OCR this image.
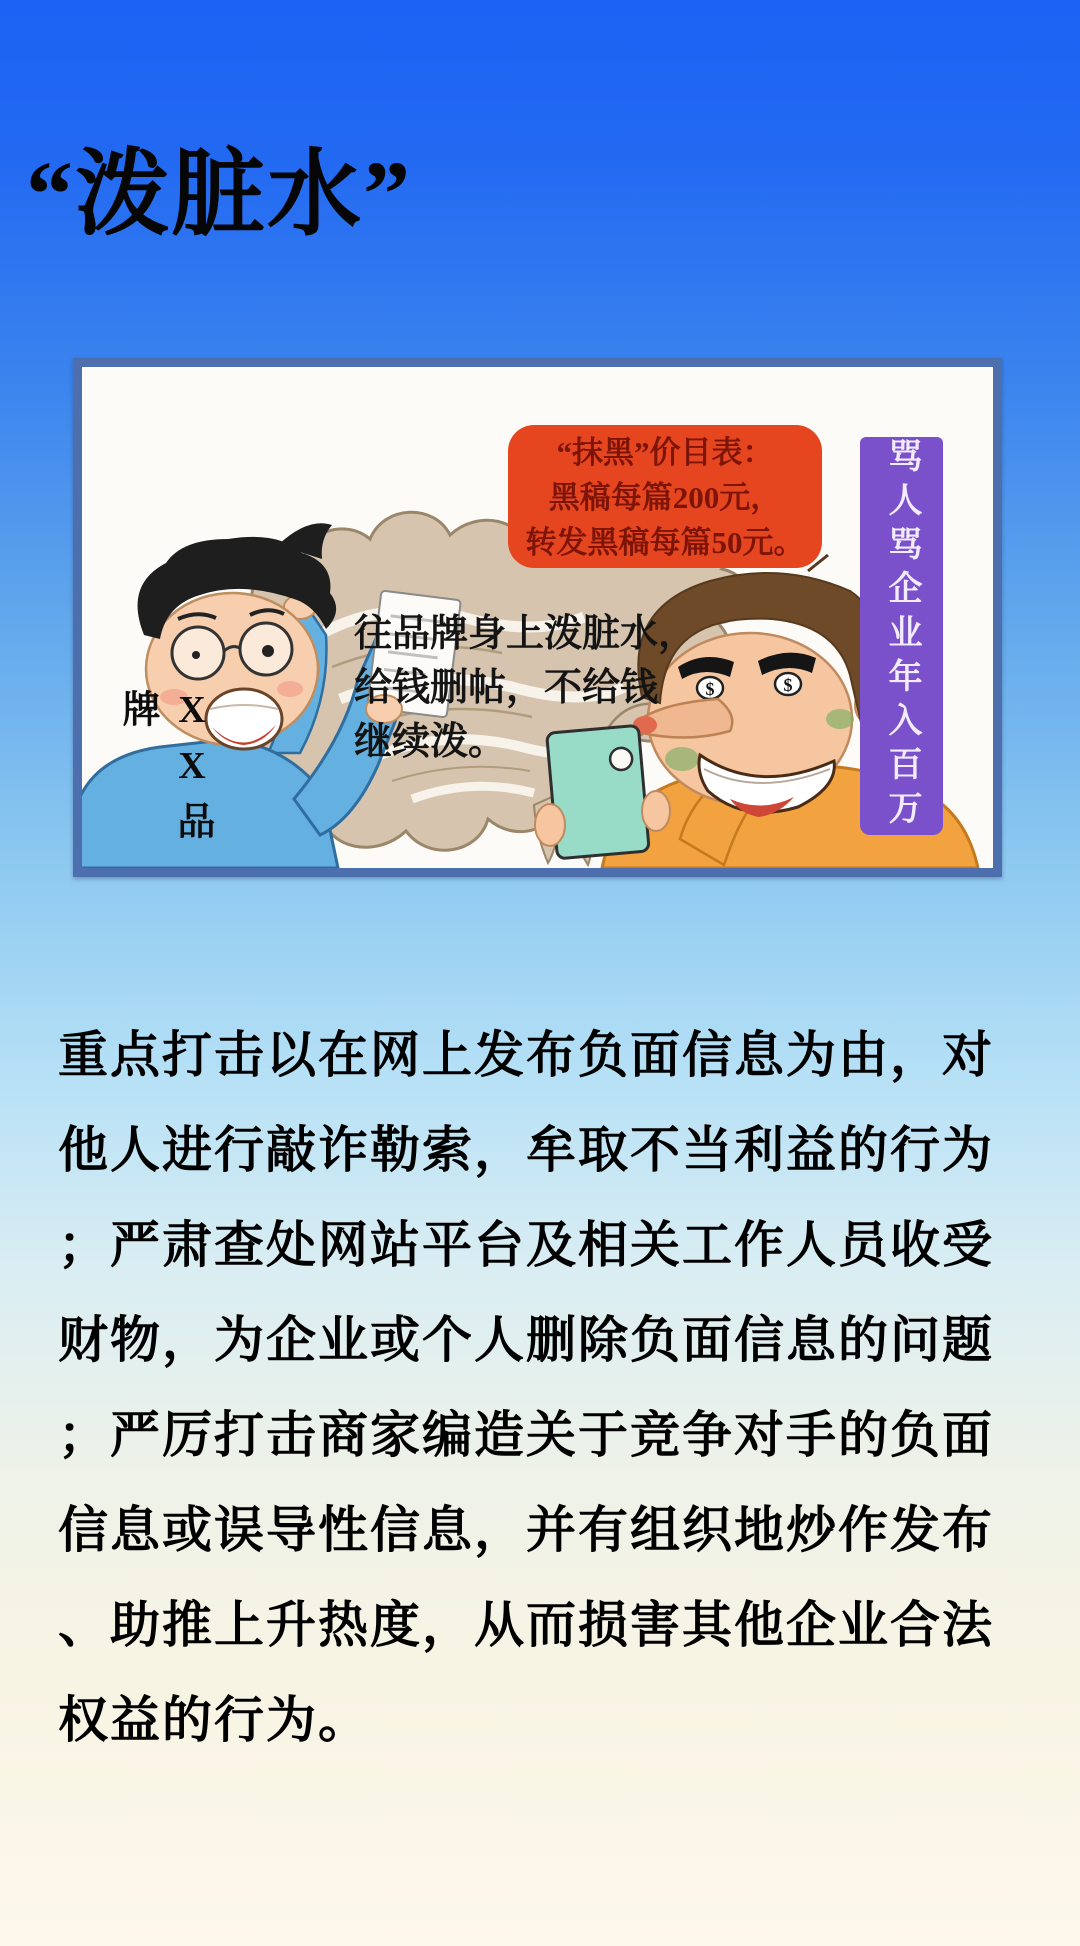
“泼脏水”
$	$
“抹黑”价目表：
黑稿每篇200元，
转发黑稿每篇50元。	骂人骂企业年入百万
往品牌身上泼脏水，
给钱删帖，不给钱
继续泼。
XX品牌
重点打击以在网上发布负面信息为由，对
他人进行敲诈勒索，牟取不当利益的行为
；严肃查处网站平台及相关工作人员收受
财物，为企业或个人删除负面信息的问题
；严厉打击商家编造关于竞争对手的负面
信息或误导性信息，并有组织地炒作发布
、助推上升热度，从而损害其他企业合法
权益的行为。
